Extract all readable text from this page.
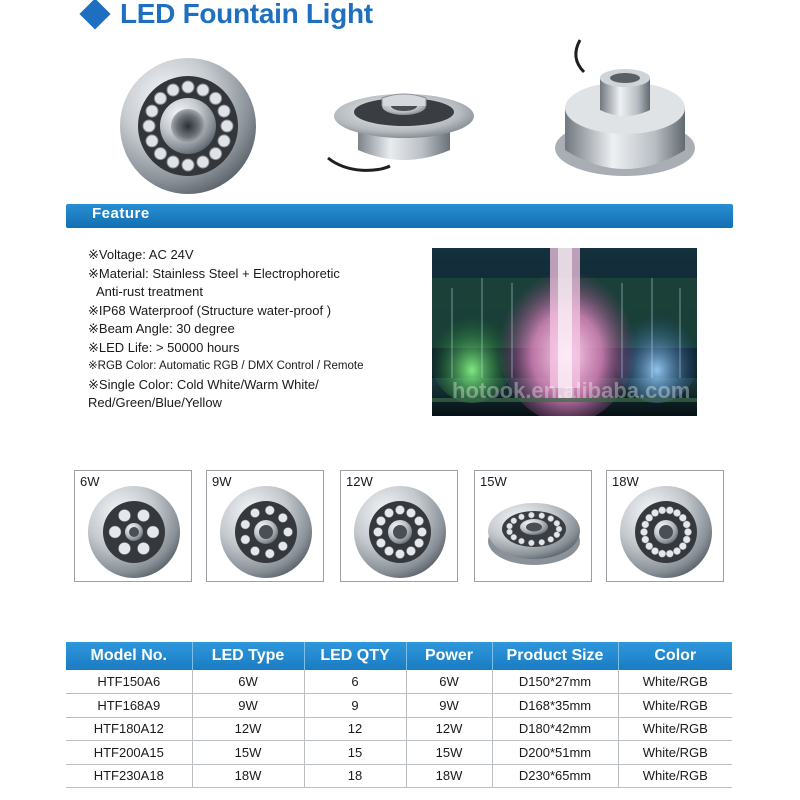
LED Fountain Light
Feature
※Voltage: AC 24V
※Material: Stainless Steel + Electrophoretic
Anti-rust treatment
※IP68 Waterproof (Structure water-proof )
※Beam Angle: 30 degree
※LED Life: > 50000 hours
※RGB Color: Automatic RGB / DMX Control / Remote
※Single Color: Cold White/Warm White/
Red/Green/Blue/Yellow	hotook.en.alibaba.com
6W	9W	12W	15W	18W
Model No.	LED Type	LED QTY	Power	Product Size	Color
HTF150A6	6W	6	6W	D150*27mm	White/RGB
HTF168A9	9W	9	9W	D168*35mm	White/RGB
HTF180A12	12W	12	12W	D180*42mm	White/RGB
HTF200A15	15W	15	15W	D200*51mm	White/RGB
HTF230A18	18W	18	18W	D230*65mm	White/RGB
